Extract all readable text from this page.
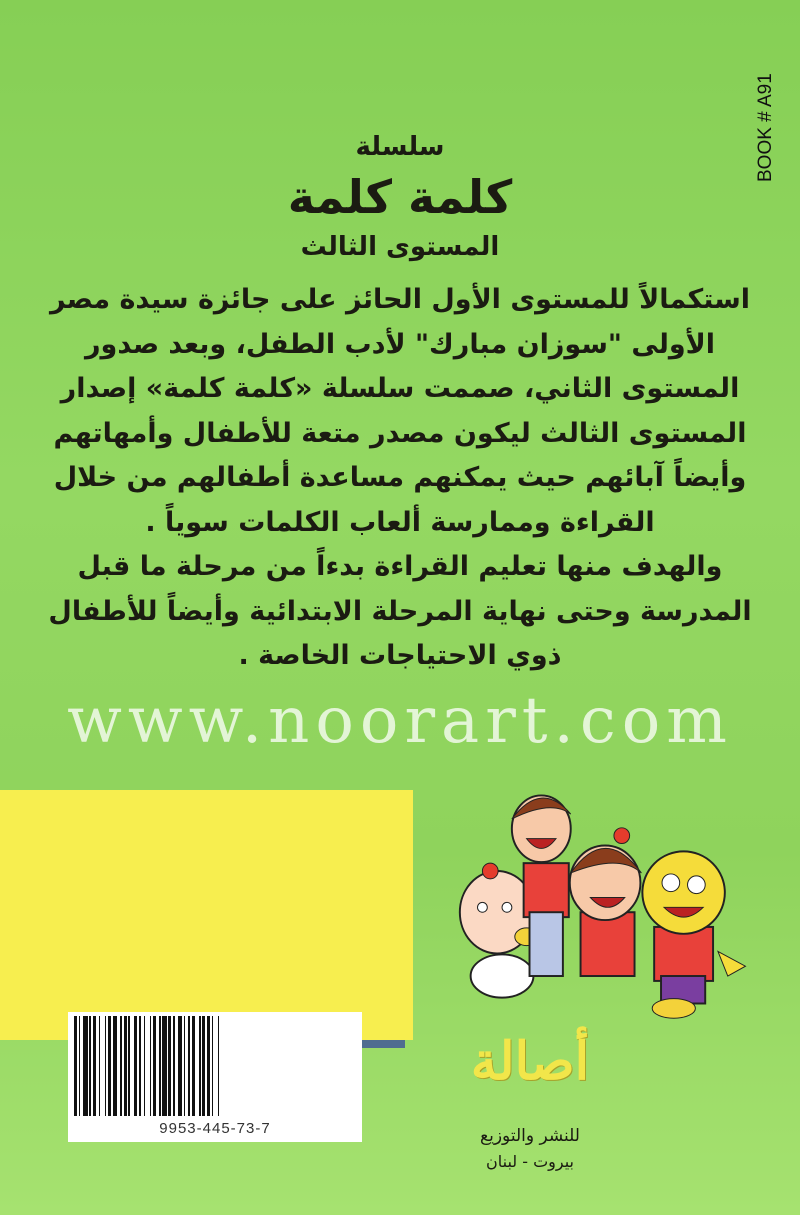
BOOK # A91
سلسلة
كلمة كلمة
المستوى الثالث

استكمالاً للمستوى الأول الحائز على جائزة سيدة مصر

الأولى "سوزان مبارك" لأدب الطفل، وبعد صدور

المستوى الثاني، صممت سلسلة «كلمة كلمة» إصدار

المستوى الثالث ليكون مصدر متعة للأطفال وأمهاتهم

وأيضاً آبائهم حيث يمكنهم مساعدة أطفالهم من خلال

القراءة وممارسة ألعاب الكلمات سوياً .

والهدف منها تعليم القراءة بدءاً من مرحلة ما قبل

المدرسة وحتى نهاية المرحلة الابتدائية وأيضاً للأطفال

ذوي الاحتياجات الخاصة .

www.noorart.com
9953-445-73-7
أصالة
للنشر والتوزيع
بيروت - لبنان
